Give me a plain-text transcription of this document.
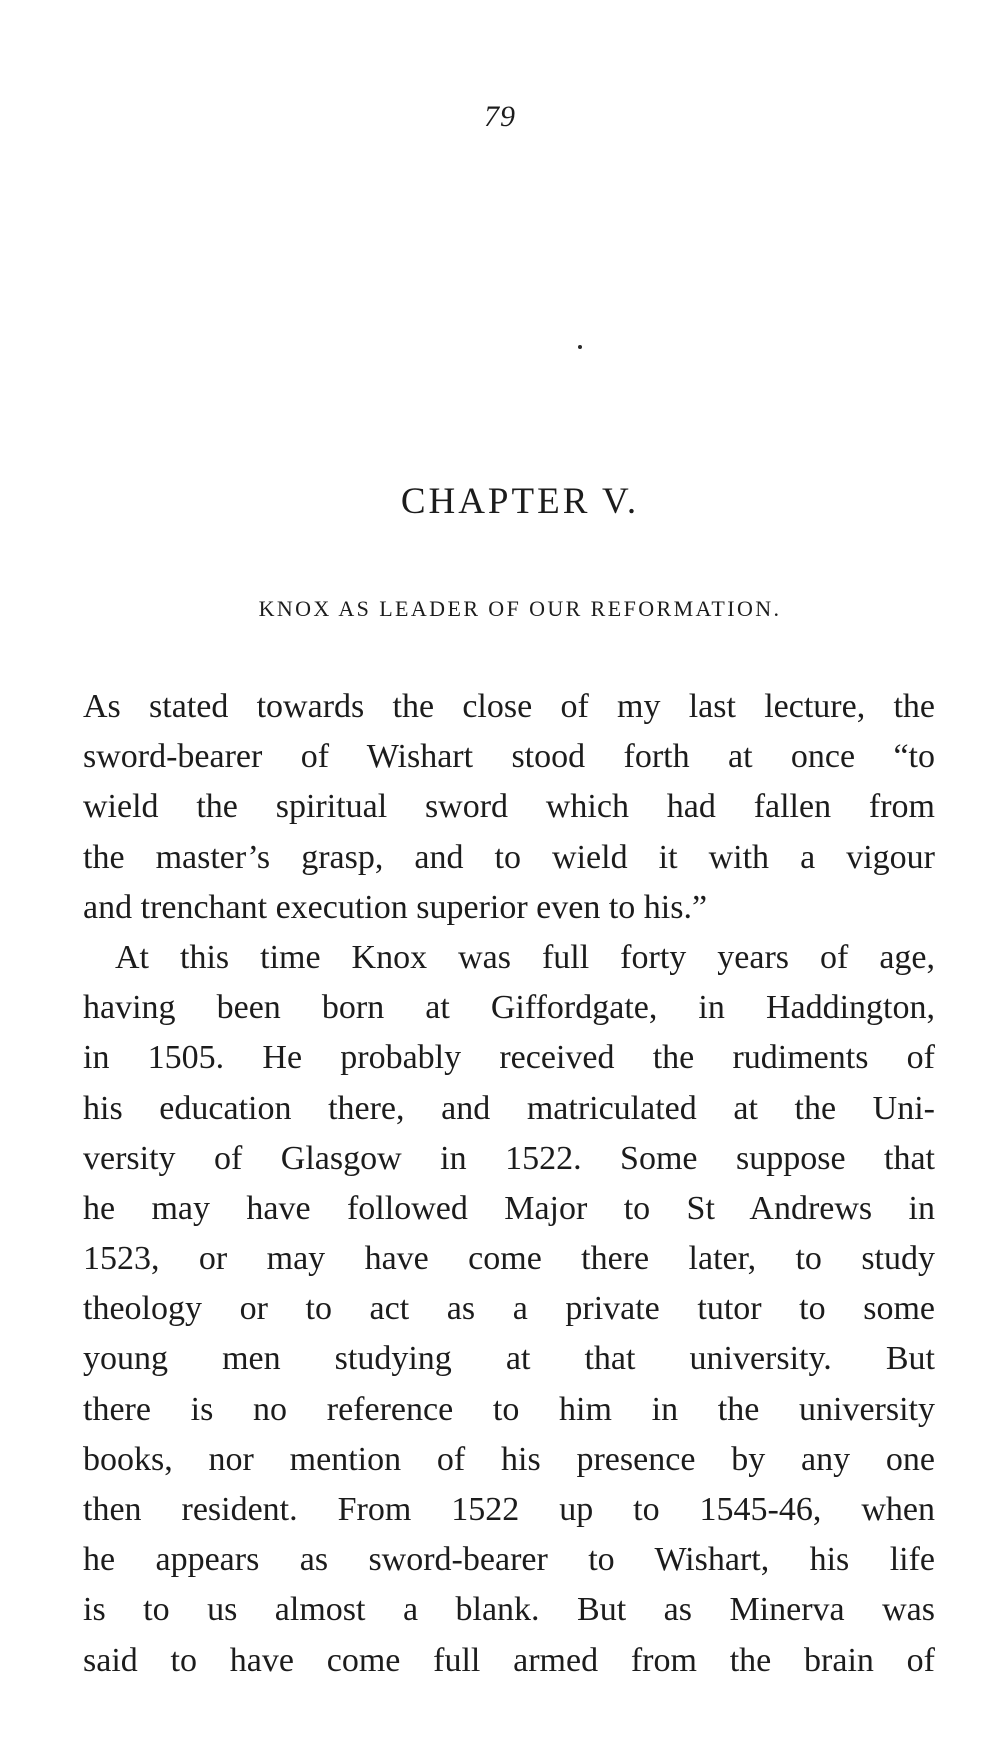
79
CHAPTER V.
KNOX AS LEADER OF OUR REFORMATION.
As stated towards the close of my last lecture, the
sword-bearer of Wishart stood forth at once “to
wield the spiritual sword which had fallen from
the master’s grasp, and to wield it with a vigour
and trenchant execution superior even to his.”
At this time Knox was full forty years of age,
having been born at Giffordgate, in Haddington,
in 1505. He probably received the rudiments of
his education there, and matriculated at the Uni-
versity of Glasgow in 1522. Some suppose that
he may have followed Major to St Andrews in
1523, or may have come there later, to study
theology or to act as a private tutor to some
young men studying at that university. But
there is no reference to him in the university
books, nor mention of his presence by any one
then resident. From 1522 up to 1545-46, when
he appears as sword-bearer to Wishart, his life
is to us almost a blank. But as Minerva was
said to have come full armed from the brain of
